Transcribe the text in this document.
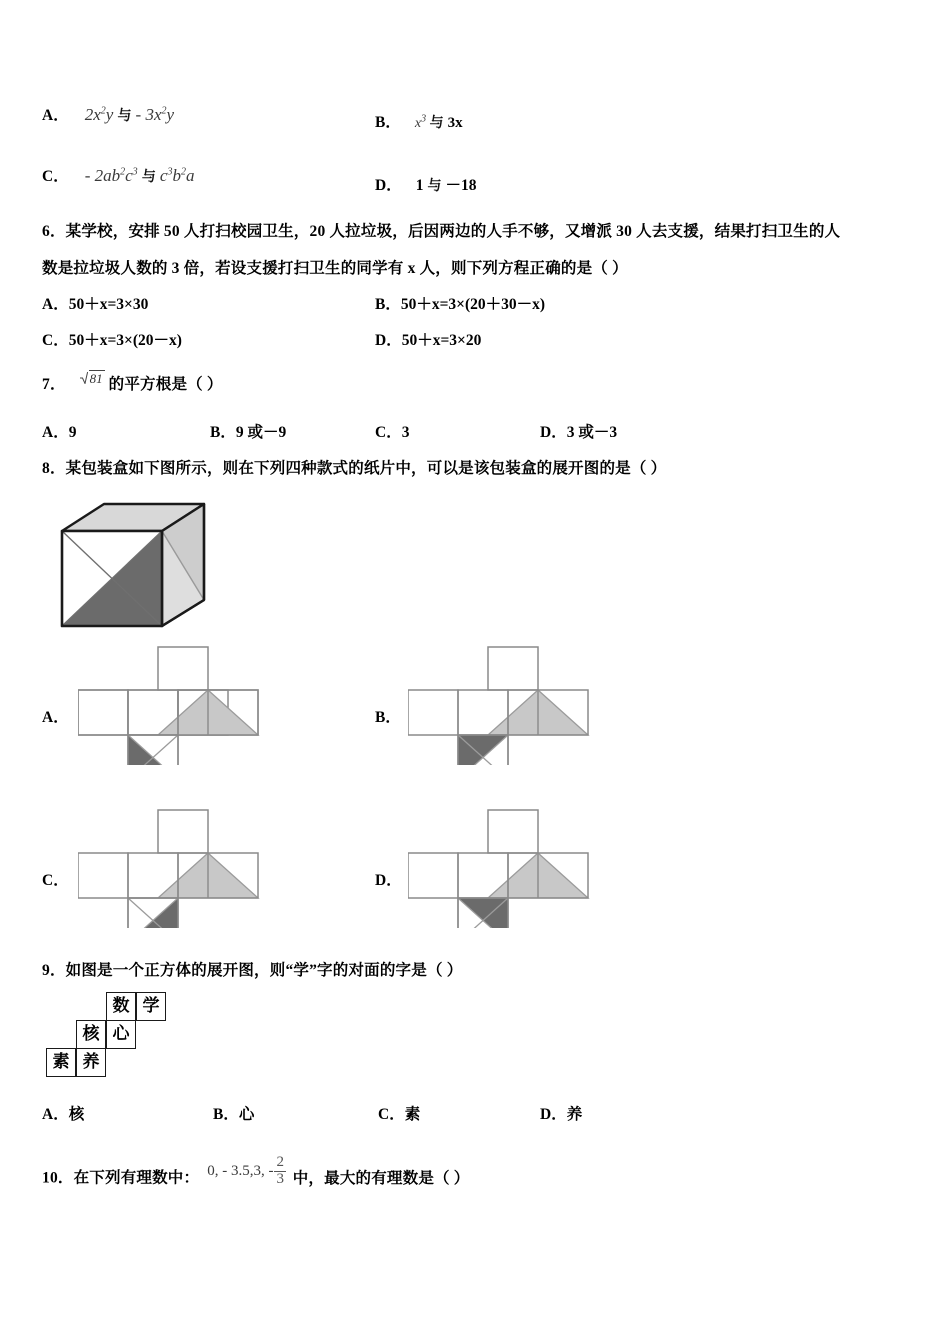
A． $2x^2y$ 与 - $3x^2y$	B． $x^3$ 与 3x
C． - $2ab^2c^3$ 与 $c^3b^2a$
D． 1 与 －18
6．某学校，安排 50 人打扫校园卫生，20 人拉垃圾，后因两边的人手不够，又增派 30 人去支援，结果打扫卫生的人
数是拉垃圾人数的 3 倍，若设支援打扫卫生的同学有 x 人，则下列方程正确的是（ ）
A．50＋x=3×30	B．50＋x=3×(20＋30－x)
C．50＋x=3×(20－x)	D．50＋x=3×20
7． 81 的平方根是（ ）
A．9	B．9 或－9	C．3	D．3 或－3
8．某包装盒如下图所示，则在下列四种款式的纸片中，可以是该包装盒的展开图的是（ ）
A．	B．
C．	D．
9．如图是一个正方体的展开图，则“学”字的对面的字是（ ）
数 学
核 心
素 养
A．核	B．心	C．素	D．养
10．在下列有理数中： 0, - 3.5,3, - $\frac{2}{3}$ 中，最大的有理数是（ ）
